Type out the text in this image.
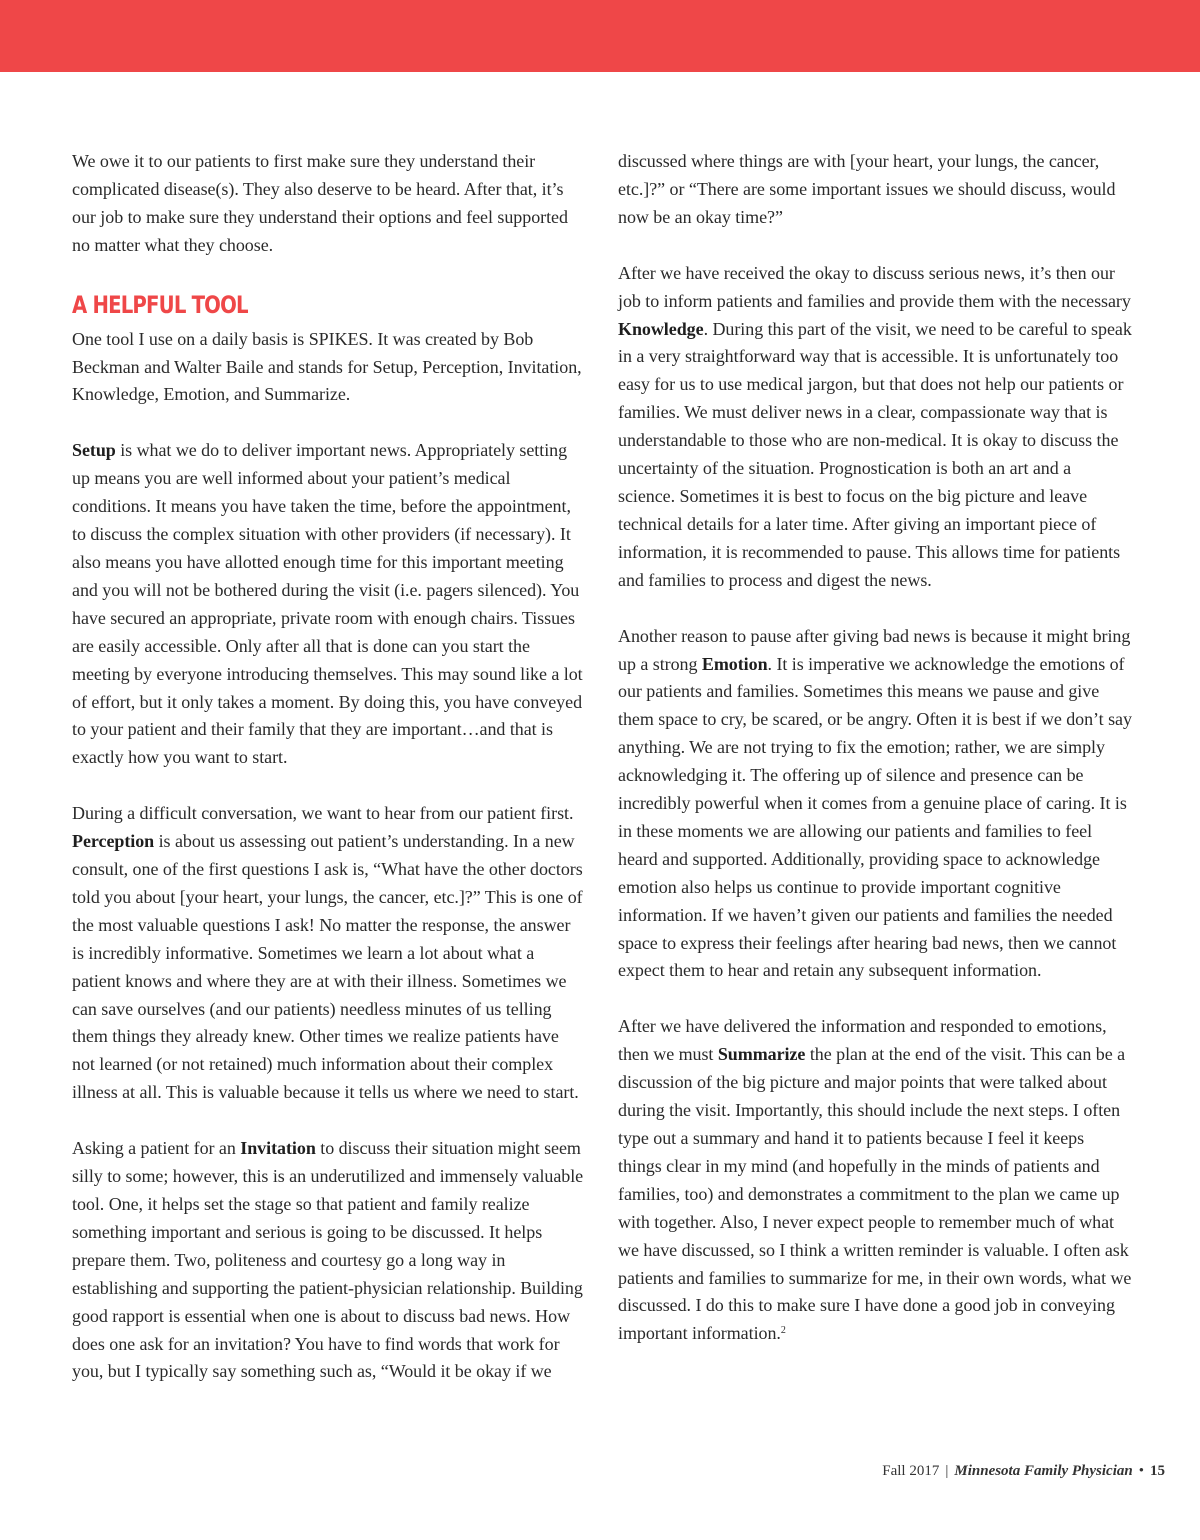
We owe it to our patients to first make sure they understand their complicated disease(s). They also deserve to be heard. After that, it’s our job to make sure they understand their options and feel supported no matter what they choose.

A HELPFUL TOOL

One tool I use on a daily basis is SPIKES. It was created by Bob Beckman and Walter Baile and stands for Setup, Perception, Invitation, Knowledge, Emotion, and Summarize.

Setup is what we do to deliver important news. Appropriately setting up means you are well informed about your patient’s medical conditions. It means you have taken the time, before the appointment, to discuss the complex situation with other providers (if necessary). It also means you have allotted enough time for this important meeting and you will not be bothered during the visit (i.e. pagers silenced). You have secured an appropriate, private room with enough chairs. Tissues are easily accessible. Only after all that is done can you start the meeting by everyone introducing themselves. This may sound like a lot of effort, but it only takes a moment. By doing this, you have conveyed to your patient and their family that they are important…and that is exactly how you want to start.

During a difficult conversation, we want to hear from our patient first. Perception is about us assessing out patient’s understanding. In a new consult, one of the first questions I ask is, “What have the other doctors told you about [your heart, your lungs, the cancer, etc.]?” This is one of the most valuable questions I ask! No matter the response, the answer is incredibly informative. Sometimes we learn a lot about what a patient knows and where they are at with their illness. Sometimes we can save ourselves (and our patients) needless minutes of us telling them things they already knew. Other times we realize patients have not learned (or not retained) much information about their complex illness at all. This is valuable because it tells us where we need to start.

Asking a patient for an Invitation to discuss their situation might seem silly to some; however, this is an underutilized and immensely valuable tool. One, it helps set the stage so that patient and family realize something important and serious is going to be discussed. It helps prepare them. Two, politeness and courtesy go a long way in establishing and supporting the patient-physician relationship. Building good rapport is essential when one is about to discuss bad news. How does one ask for an invitation? You have to find words that work for you, but I typically say something such as, “Would it be okay if we

discussed where things are with [your heart, your lungs, the cancer, etc.]?” or “There are some important issues we should discuss, would now be an okay time?”

After we have received the okay to discuss serious news, it’s then our job to inform patients and families and provide them with the necessary Knowledge. During this part of the visit, we need to be careful to speak in a very straightforward way that is accessible. It is unfortunately too easy for us to use medical jargon, but that does not help our patients or families. We must deliver news in a clear, compassionate way that is understandable to those who are non-medical. It is okay to discuss the uncertainty of the situation. Prognostication is both an art and a science. Sometimes it is best to focus on the big picture and leave technical details for a later time. After giving an important piece of information, it is recommended to pause. This allows time for patients and families to process and digest the news.

Another reason to pause after giving bad news is because it might bring up a strong Emotion. It is imperative we acknowledge the emotions of our patients and families. Sometimes this means we pause and give them space to cry, be scared, or be angry. Often it is best if we don’t say anything. We are not trying to fix the emotion; rather, we are simply acknowledging it. The offering up of silence and presence can be incredibly powerful when it comes from a genuine place of caring. It is in these moments we are allowing our patients and families to feel heard and supported. Additionally, providing space to acknowledge emotion also helps us continue to provide important cognitive information. If we haven’t given our patients and families the needed space to express their feelings after hearing bad news, then we cannot expect them to hear and retain any subsequent information.

After we have delivered the information and responded to emotions, then we must Summarize the plan at the end of the visit. This can be a discussion of the big picture and major points that were talked about during the visit. Importantly, this should include the next steps. I often type out a summary and hand it to patients because I feel it keeps things clear in my mind (and hopefully in the minds of patients and families, too) and demonstrates a commitment to the plan we came up with together. Also, I never expect people to remember much of what we have discussed, so I think a written reminder is valuable. I often ask patients and families to summarize for me, in their own words, what we discussed. I do this to make sure I have done a good job in conveying important information.$^2$

Fall 2017 | Minnesota Family Physician • 15
